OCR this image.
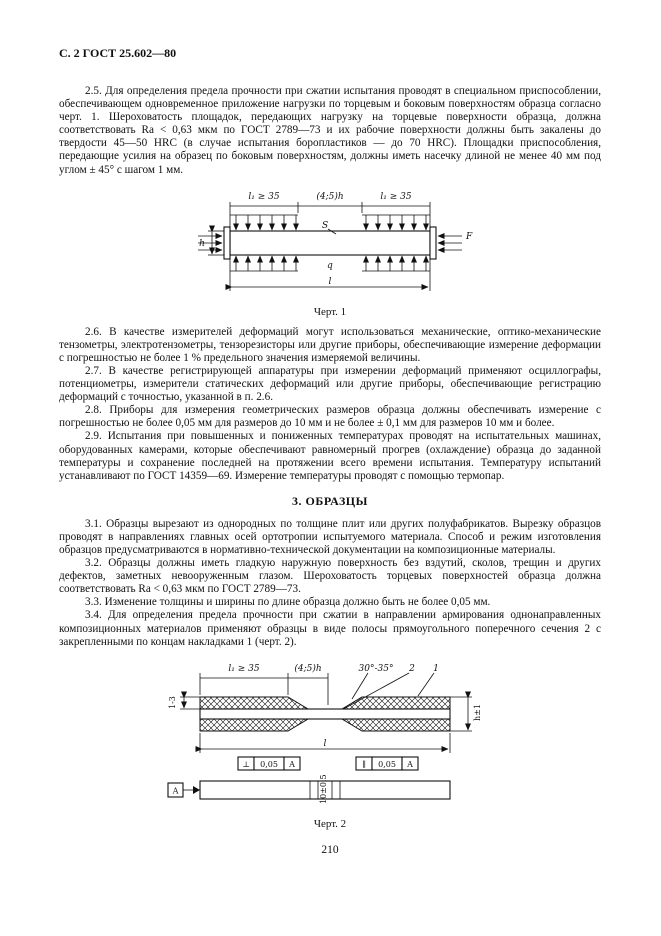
С. 2 ГОСТ 25.602—80

2.5. Для определения предела прочности при сжатии испытания проводят в специальном приспособлении, обеспечивающем одновременное приложение нагрузки по торцевым и боковым поверхностям образца согласно черт. 1. Шероховатость площадок, передающих нагрузку на торцевые поверхности образца, должна соответствовать Ra < 0,63 мкм по ГОСТ 2789—73 и их рабочие поверхности должны быть закалены до твердости 45—50 HRC (в случае испытания боропластиков — до 70 HRC). Площадки приспособления, передающие усилия на образец по боковым поверхностям, должны иметь насечку длиной не менее 40 мм под углом ± 45° с шагом 1 мм.

l₁ ≥ 35	(4;5)h	l₁ ≥ 35
F
h
S
q
l
Черт. 1

2.6. В качестве измерителей деформаций могут использоваться механические, оптико-механические тензометры, электротензометры, тензорезисторы или другие приборы, обеспечивающие измерение деформации с погрешностью не более 1 % предельного значения измеряемой величины.

2.7. В качестве регистрирующей аппаратуры при измерении деформаций применяют осциллографы, потенциометры, измерители статических деформаций или другие приборы, обеспечивающие регистрацию деформаций с точностью, указанной в п. 2.6.

2.8. Приборы для измерения геометрических размеров образца должны обеспечивать измерение с погрешностью не более 0,05 мм для размеров до 10 мм и не более ± 0,1 мм для размеров 10 мм и более.

2.9. Испытания при повышенных и пониженных температурах проводят на испытательных машинах, оборудованных камерами, которые обеспечивают равномерный прогрев (охлаждение) образца до заданной температуры и сохранение последней на протяжении всего времени испытания. Температуру испытаний устанавливают по ГОСТ 14359—69. Измерение температуры проводят с помощью термопар.

3. ОБРАЗЦЫ

3.1. Образцы вырезают из однородных по толщине плит или других полуфабрикатов. Вырезку образцов проводят в направлениях главных осей ортотропии испытуемого материала. Способ и режим изготовления образцов предусматриваются в нормативно-технической документации на композиционные материалы.

3.2. Образцы должны иметь гладкую наружную поверхность без вздутий, сколов, трещин и других дефектов, заметных невооруженным глазом. Шероховатость торцевых поверхностей образца должна соответствовать Ra < 0,63 мкм по ГОСТ 2789—73.

3.3. Изменение толщины и ширины по длине образца должно быть не более 0,05 мм.

3.4. Для определения предела прочности при сжатии в направлении армирования однонаправленных композиционных материалов применяют образцы в виде полосы прямоугольного поперечного сечения 2 с закрепленными по концам накладками 1 (черт. 2).

l₁ ≥ 35	(4;5)h	30°-35° 2 1
1-3
h±1
l
⊥ 0,05 А	∥ 0,05 А
10±0,5
А
Черт. 2
210
